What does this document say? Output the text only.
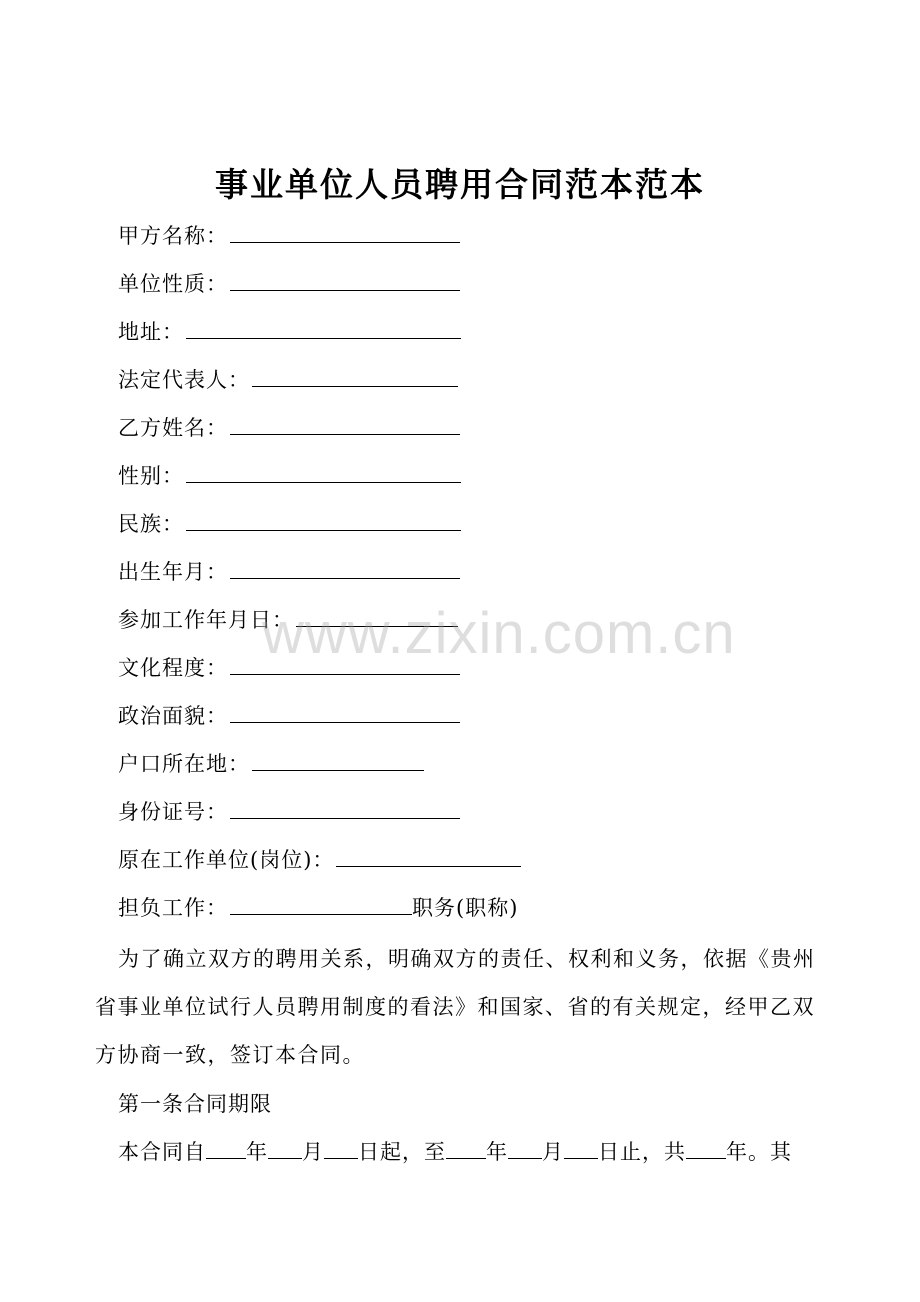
事业单位人员聘用合同范本范本
甲方名称：
单位性质：
地址：
法定代表人：
乙方姓名：
性别：
民族：
出生年月：
参加工作年月日：
文化程度：
政治面貌：
户口所在地：
身份证号：
原在工作单位(岗位)：
担负工作：	职务(职称)
为了确立双方的聘用关系，明确双方的责任、权利和义务，依据《贵州省事业单位试行人员聘用制度的看法》和国家、省的有关规定，经甲乙双方协商一致，签订本合同。
第一条合同期限
本合同自 年 月 日起，至 年 月 日止，共 年。其
www.zixin.com.cn
